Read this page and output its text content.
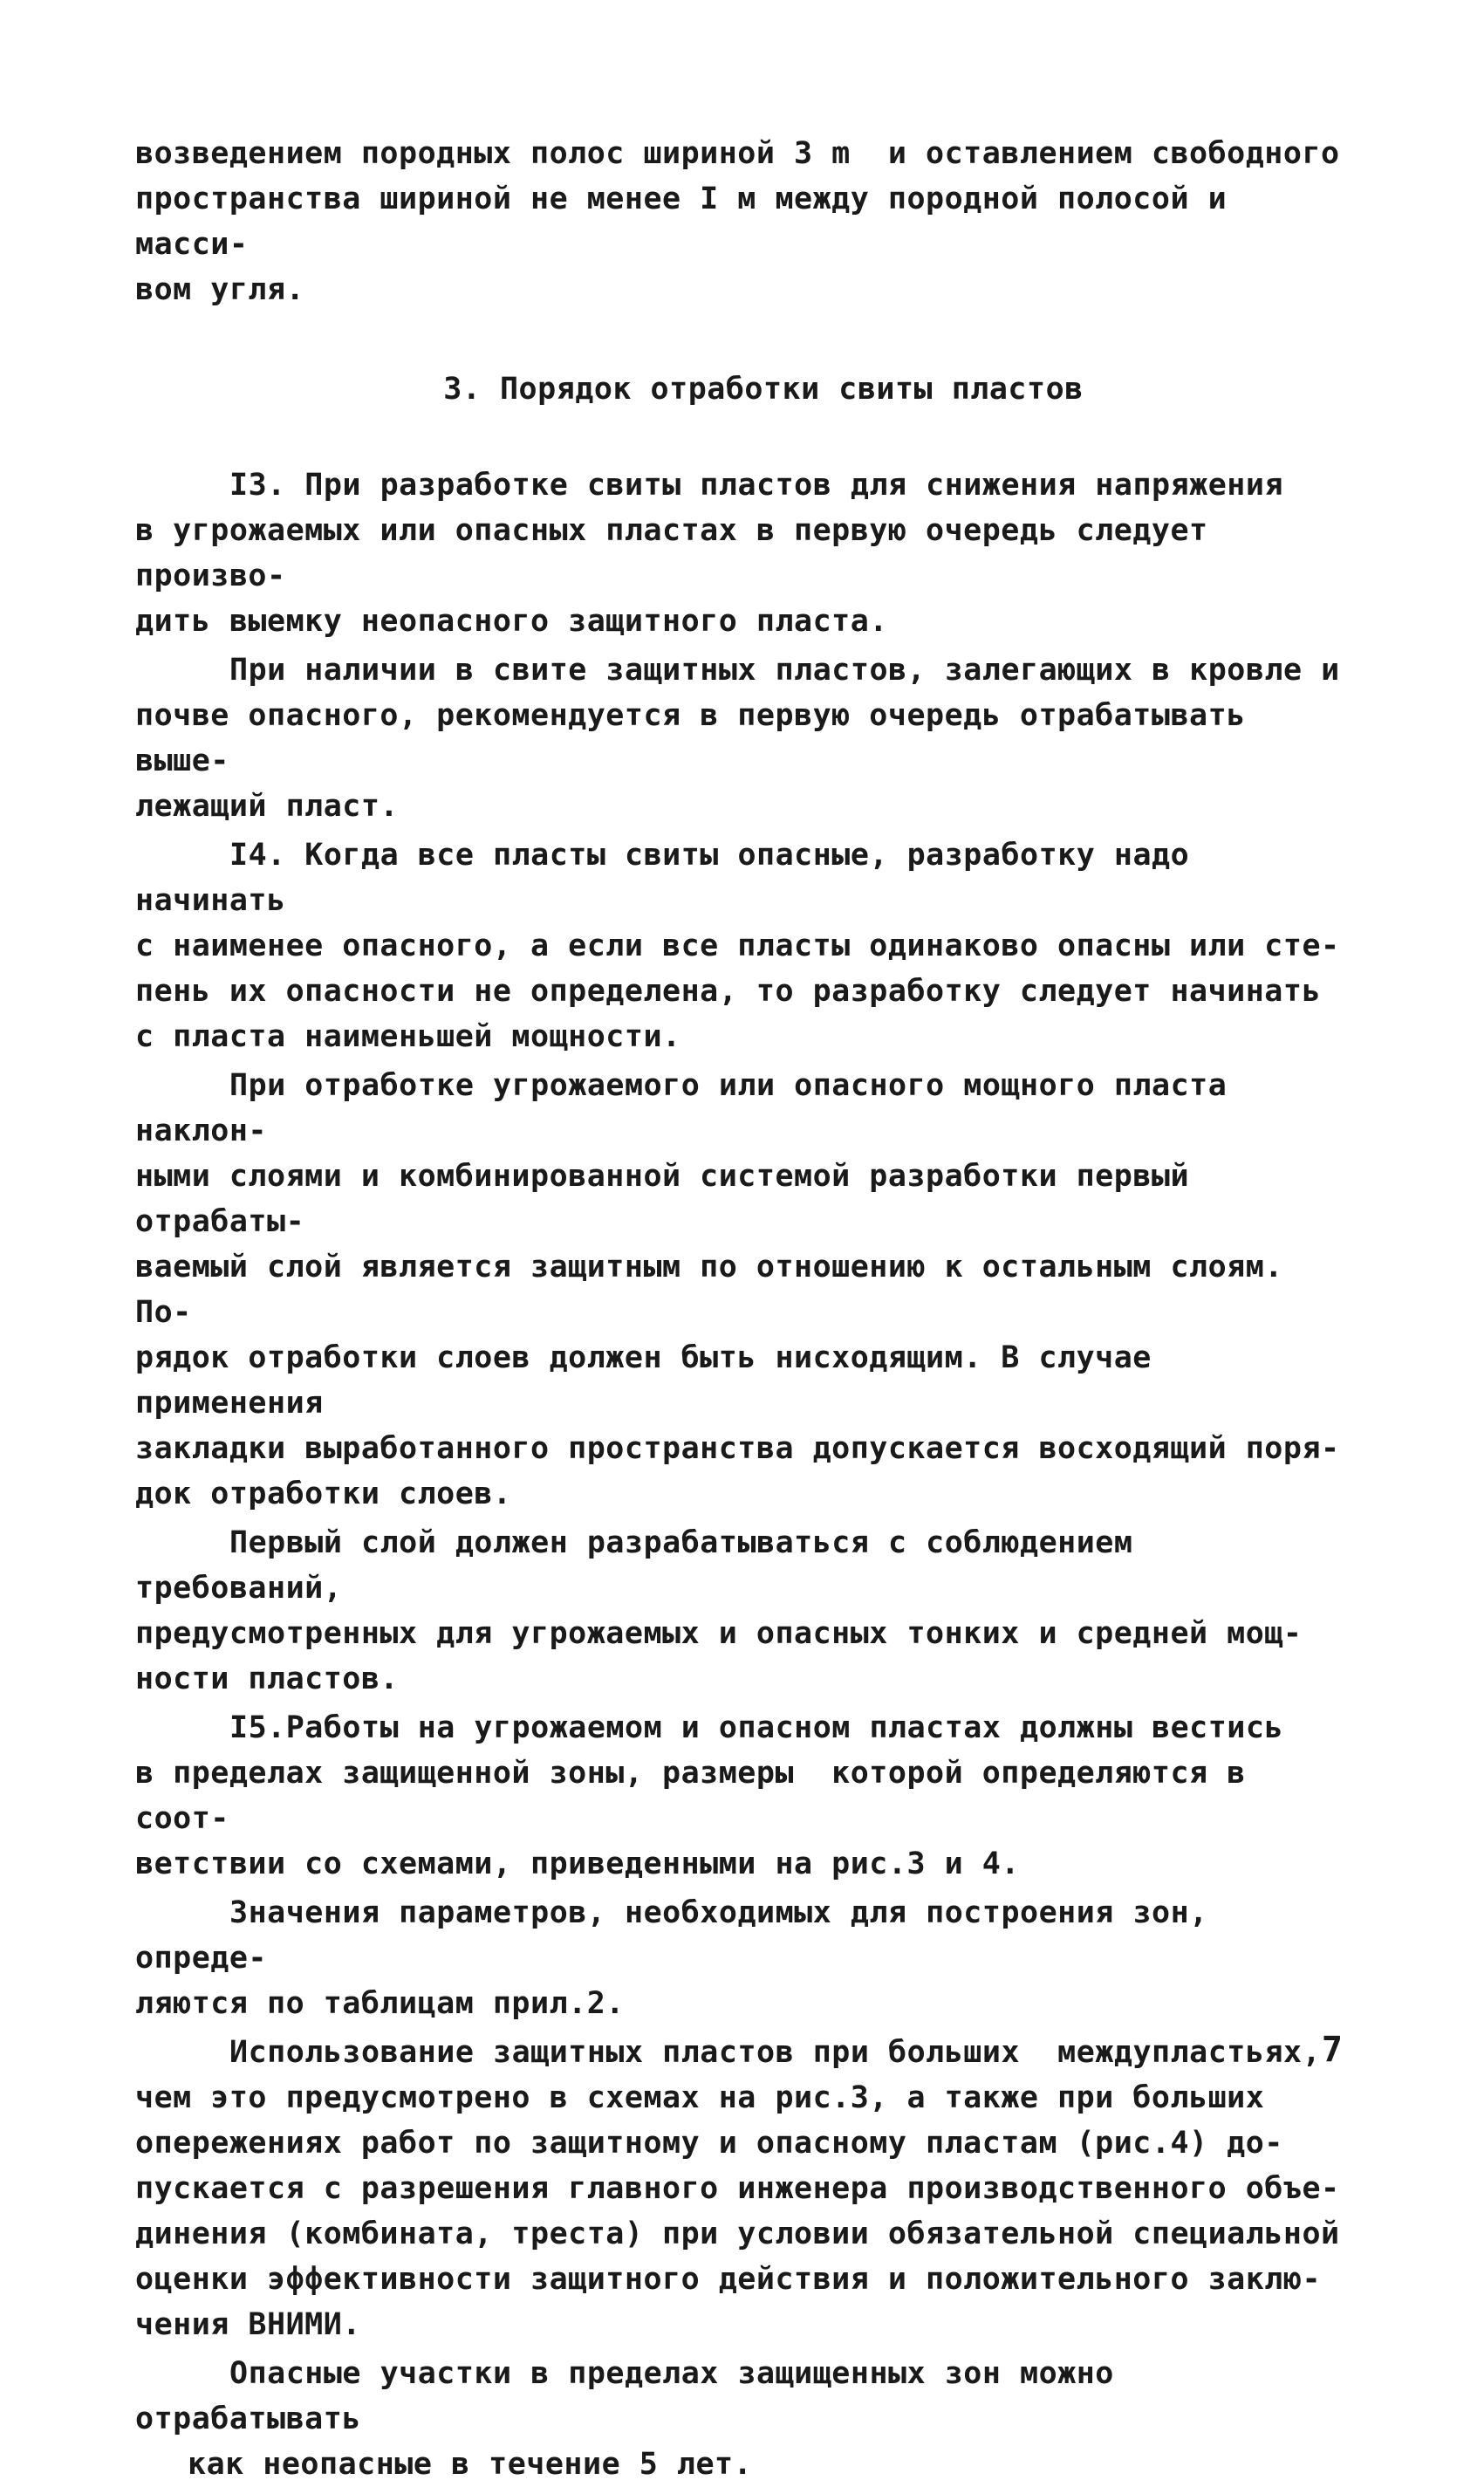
возведением породных полос шириной 3 m  и оставлением свободного

пространства шириной не менее I м между породной полосой и масси-

вом угля.

3. Порядок отработки свиты пластов

I3. При разработке свиты пластов для снижения напряжения
в угрожаемых или опасных пластах в первую очередь следует произво-
дить выемку неопасного защитного пласта.

При наличии в свите защитных пластов, залегающих в кровле и
почве опасного, рекомендуется в первую очередь отрабатывать выше-
лежащий пласт.

I4. Когда все пласты свиты опасные, разработку надо начинать
с наименее опасного, а если все пласты одинаково опасны или сте-
пень их опасности не определена, то разработку следует начинать
с пласта наименьшей мощности.

При отработке угрожаемого или опасного мощного пласта наклон-
ными слоями и комбинированной системой разработки первый отрабаты-
ваемый слой является защитным по отношению к остальным слоям. По-
рядок отработки слоев должен быть нисходящим. В случае применения
закладки выработанного пространства допускается восходящий поря-
док отработки слоев.

Первый слой должен разрабатываться с соблюдением требований,
предусмотренных для угрожаемых и опасных тонких и средней мощ-
ности пластов.

I5.Работы на угрожаемом и опасном пластах должны вестись
в пределах защищенной зоны, размеры  которой определяются в соот-
ветствии со схемами, приведенными на рис.3 и 4.

Значения параметров, необходимых для построения зон, опреде-
ляются по таблицам прил.2.

Использование защитных пластов при больших  междупластьях,
чем это предусмотрено в схемах на рис.3, а также при больших
опережениях работ по защитному и опасному пластам (рис.4) до-
пускается с разрешения главного инженера производственного объе-
динения (комбината, треста) при условии обязательной специальной
оценки эффективности защитного действия и положительного заклю-
чения ВНИМИ.

Опасные участки в пределах защищенных зон можно отрабатывать

как неопасные в течение 5 лет.

7
